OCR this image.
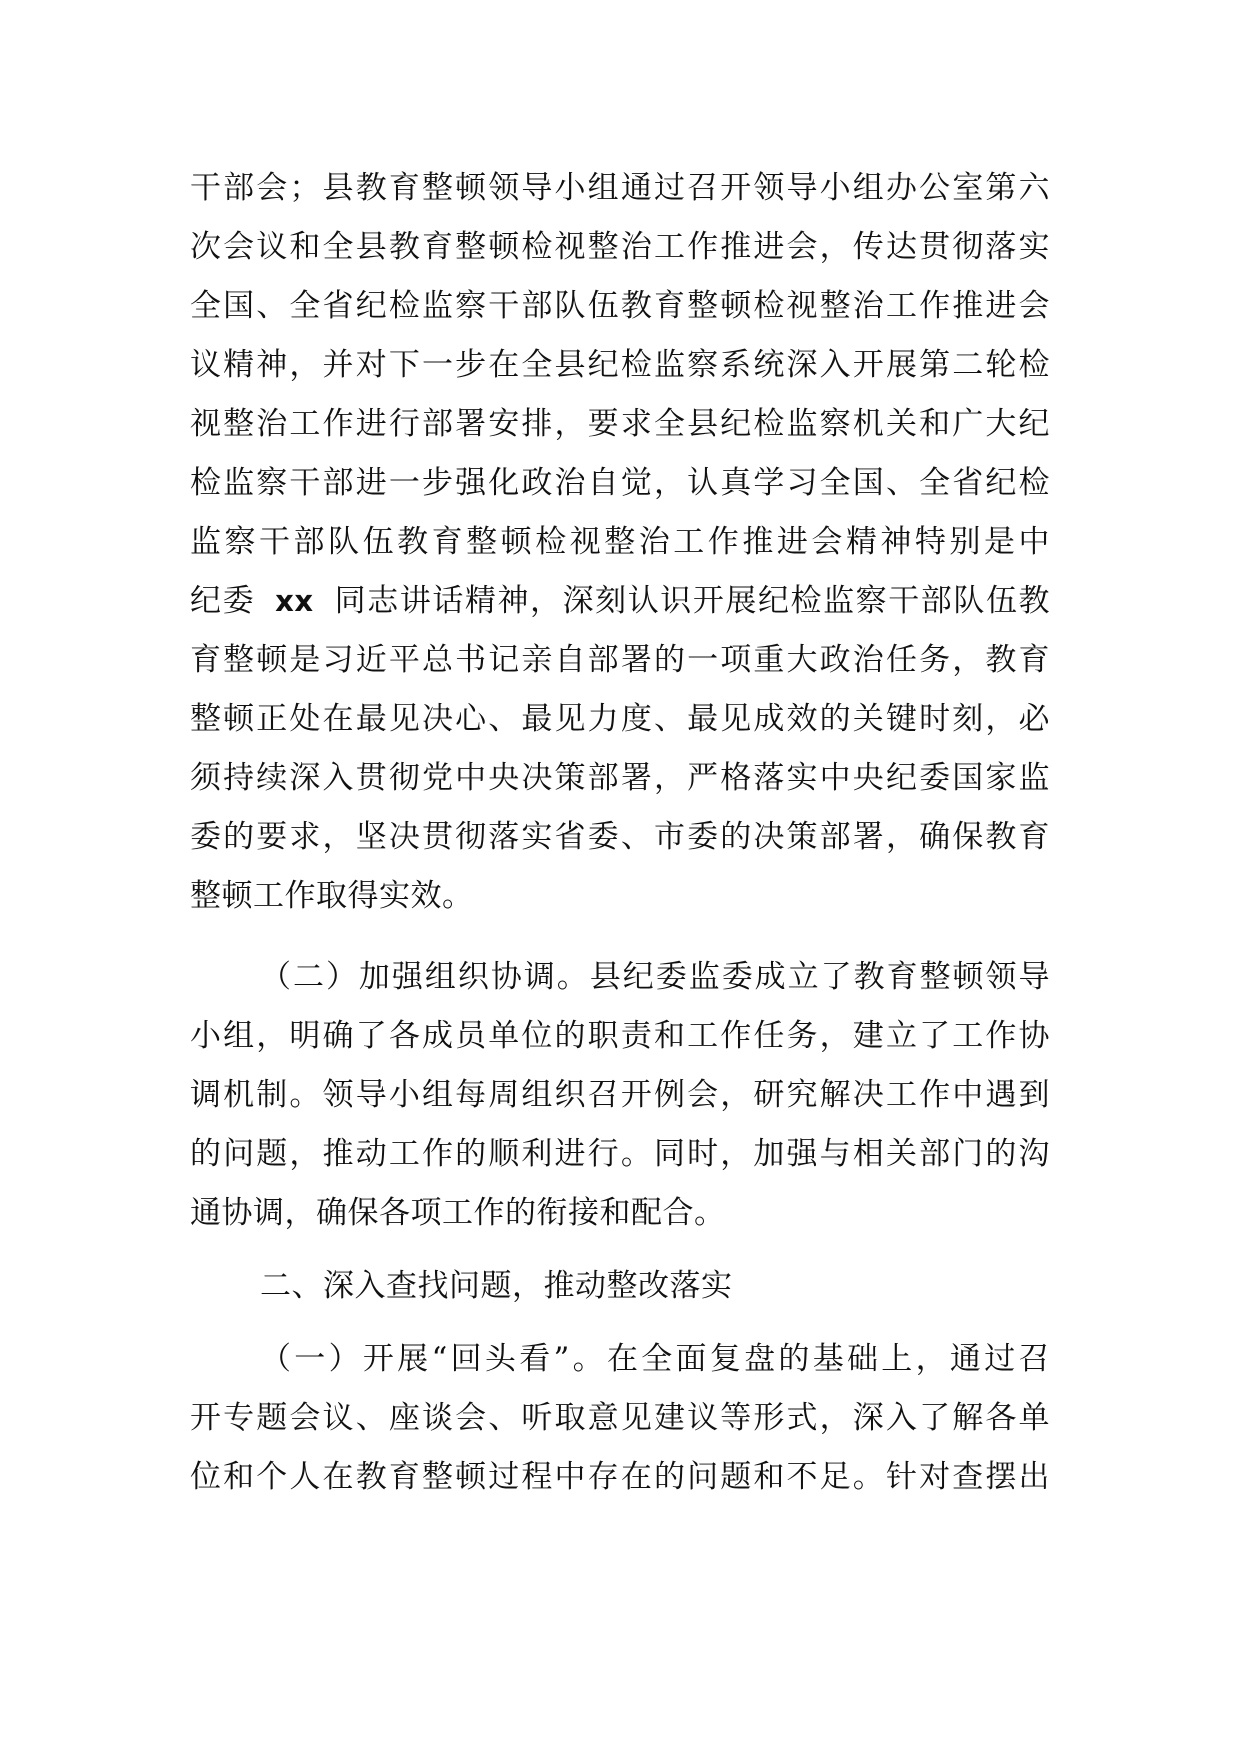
干部会；县教育整顿领导小组通过召开领导小组办公室第六
次会议和全县教育整顿检视整治工作推进会，传达贯彻落实
全国、全省纪检监察干部队伍教育整顿检视整治工作推进会
议精神，并对下一步在全县纪检监察系统深入开展第二轮检
视整治工作进行部署安排，要求全县纪检监察机关和广大纪
检监察干部进一步强化政治自觉，认真学习全国、全省纪检
监察干部队伍教育整顿检视整治工作推进会精神特别是中
纪委 xx 同志讲话精神，深刻认识开展纪检监察干部队伍教
育整顿是习近平总书记亲自部署的一项重大政治任务，教育
整顿正处在最见决心、最见力度、最见成效的关键时刻，必
须持续深入贯彻党中央决策部署，严格落实中央纪委国家监
委的要求，坚决贯彻落实省委、市委的决策部署，确保教育
整顿工作取得实效。

（二）加强组织协调。县纪委监委成立了教育整顿领导
小组，明确了各成员单位的职责和工作任务，建立了工作协
调机制。领导小组每周组织召开例会，研究解决工作中遇到
的问题，推动工作的顺利进行。同时，加强与相关部门的沟
通协调，确保各项工作的衔接和配合。

二、深入查找问题，推动整改落实

（一）开展“回头看”。在全面复盘的基础上，通过召
开专题会议、座谈会、听取意见建议等形式，深入了解各单
位和个人在教育整顿过程中存在的问题和不足。针对查摆出
